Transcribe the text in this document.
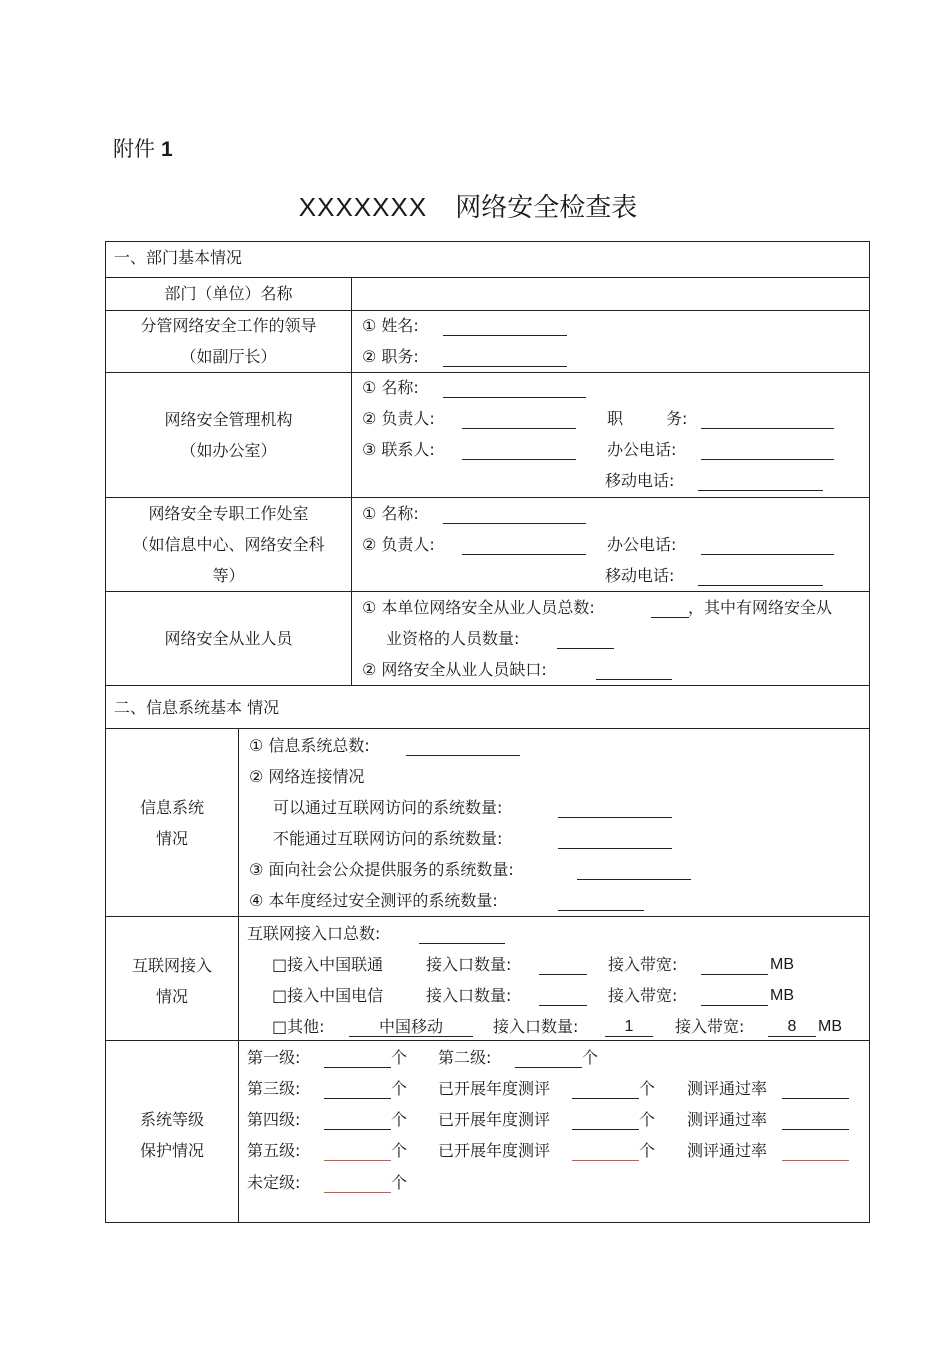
附件 1
XXXXXXX 网络安全检查表
一、部门基本情况
部门（单位）名称
分管网络安全工作的领导
（如副厅长）
① 姓名:
② 职务:
网络安全管理机构
（如办公室）
① 名称:
② 负责人:	职	务:
③ 联系人:	办公电话:
移动电话:
网络安全专职工作处室
（如信息中心、网络安全科
等）
① 名称:
② 负责人:	办公电话:
移动电话:
网络安全从业人员
① 本单位网络安全从业人员总数:	，其中有网络安全从
业资格的人员数量:
② 网络安全从业人员缺口:
二、信息系统基本 情况
信息系统
情况
① 信息系统总数:
② 网络连接情况
可以通过互联网访问的系统数量:
不能通过互联网访问的系统数量:
③ 面向社会公众提供服务的系统数量:
④ 本年度经过安全测评的系统数量:
互联网接入
情况
互联网接入口总数:
□接入中国联通	接入口数量:	接入带宽:	MB
□接入中国电信	接入口数量:	接入带宽:	MB
□其他:	中国移动	接入口数量:	1	接入带宽:	8	MB
系统等级
保护情况
第一级:	个 第二级:	个
第三级:	个 已开展年度测评	个 测评通过率
第四级:	个 已开展年度测评	个 测评通过率
第五级:	个 已开展年度测评	个 测评通过率
未定级:	个
